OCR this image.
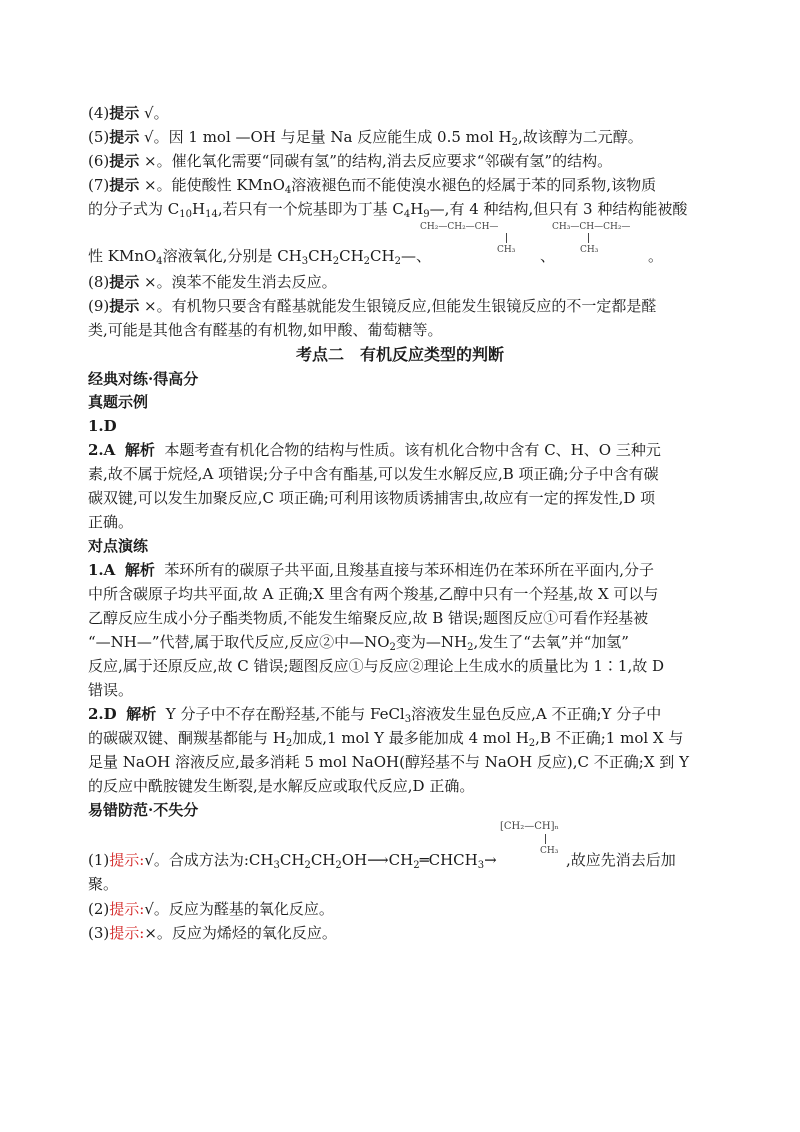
(4)提示 √。
(5)提示 √。因 1 mol —OH 与足量 Na 反应能生成 0.5 mol $H_2$,故该醇为二元醇。
(6)提示 ×。催化氧化需要“同碳有氢”的结构,消去反应要求“邻碳有氢”的结构。
(7)提示 ×。能使酸性 KMnO$_4$溶液褪色而不能使溴水褪色的烃属于苯的同系物,该物质
的分子式为 $C_{10}H_{14}$,若只有一个烷基即为丁基 $C_4H_9—$,有 4 种结构,但只有 3 种结构能被酸
CH₂—CH₂—CH—
CH₃
CH₃—CH—CH₂—
CH₃
性 KMnO$_4$溶液氧化,分别是 $CH_3CH_2CH_2CH_2—$、	、	。
(8)提示 ×。溴苯不能发生消去反应。
(9)提示 ×。有机物只要含有醛基就能发生银镜反应,但能发生银镜反应的不一定都是醛
类,可能是其他含有醛基的有机物,如甲酸、葡萄糖等。
考点二　有机反应类型的判断
经典对练·得高分
真题示例
1.D
2.A 解析 本题考查有机化合物的结构与性质。该有机化合物中含有 C、H、O 三种元
素,故不属于烷烃,A 项错误;分子中含有酯基,可以发生水解反应,B 项正确;分子中含有碳
碳双键,可以发生加聚反应,C 项正确;可利用该物质诱捕害虫,故应有一定的挥发性,D 项
正确。
对点演练
1.A 解析 苯环所有的碳原子共平面,且羧基直接与苯环相连仍在苯环所在平面内,分子
中所含碳原子均共平面,故 A 正确;X 里含有两个羧基,乙醇中只有一个羟基,故 X 可以与
乙醇反应生成小分子酯类物质,不能发生缩聚反应,故 B 错误;题图反应①可看作羟基被
“—NH—”代替,属于取代反应,反应②中$—NO_2$变为$—NH_2$,发生了“去氧”并“加氢”
反应,属于还原反应,故 C 错误;题图反应①与反应②理论上生成水的质量比为 1∶1,故 D
错误。
2.D 解析 Y 分子中不存在酚羟基,不能与 FeCl$_3$溶液发生显色反应,A 不正确;Y 分子中
的碳碳双键、酮羰基都能与 $H_2$加成,1 mol Y 最多能加成 4 mol $H_2,B$ 不正确;1 mol X 与
足量 NaOH 溶液反应,最多消耗 5 mol NaOH(醇羟基不与 NaOH 反应),C 不正确;X 到 Y
的反应中酰胺键发生断裂,是水解反应或取代反应,D 正确。
易错防范·不失分
[CH₂—CH]ₙ
CH₃
(1)提示:√。合成方法为$:CH_3CH_2CH_2OH⟶CH_2═CHCH_3\to$	,故应先消去后加
聚。
(2)提示:√。反应为醛基的氧化反应。
(3)提示:×。反应为烯烃的氧化反应。
